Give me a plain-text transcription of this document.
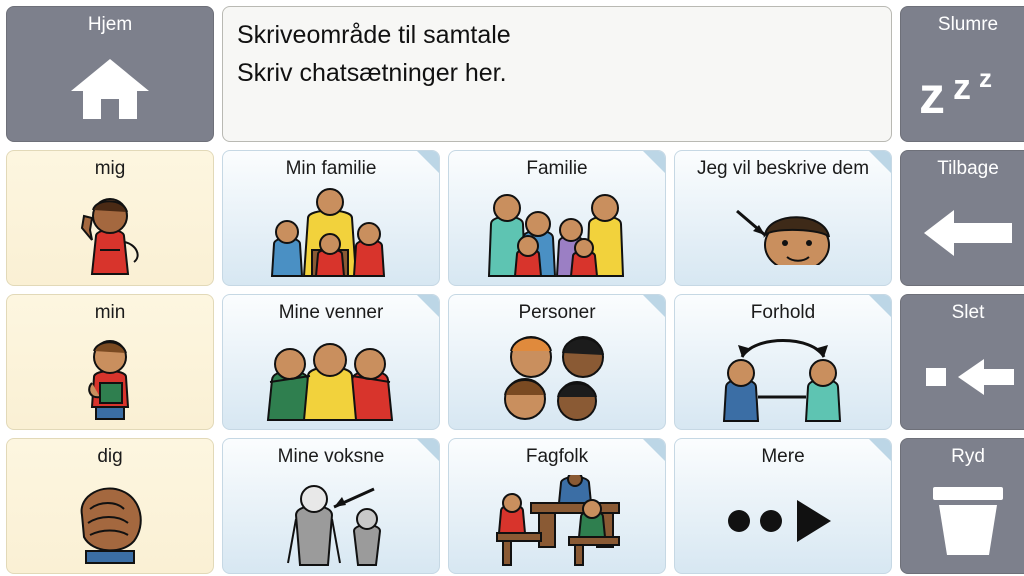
Hjem	Skriveområde til samtale
Skriv chatsætninger her.
Slumre
z z z
Tilbage
Slet
Ryd
mig	Min familie	Familie	Jeg vil beskrive dem
min	Mine venner	Personer	Forhold
dig	Mine voksne	Fagfolk	Mere
